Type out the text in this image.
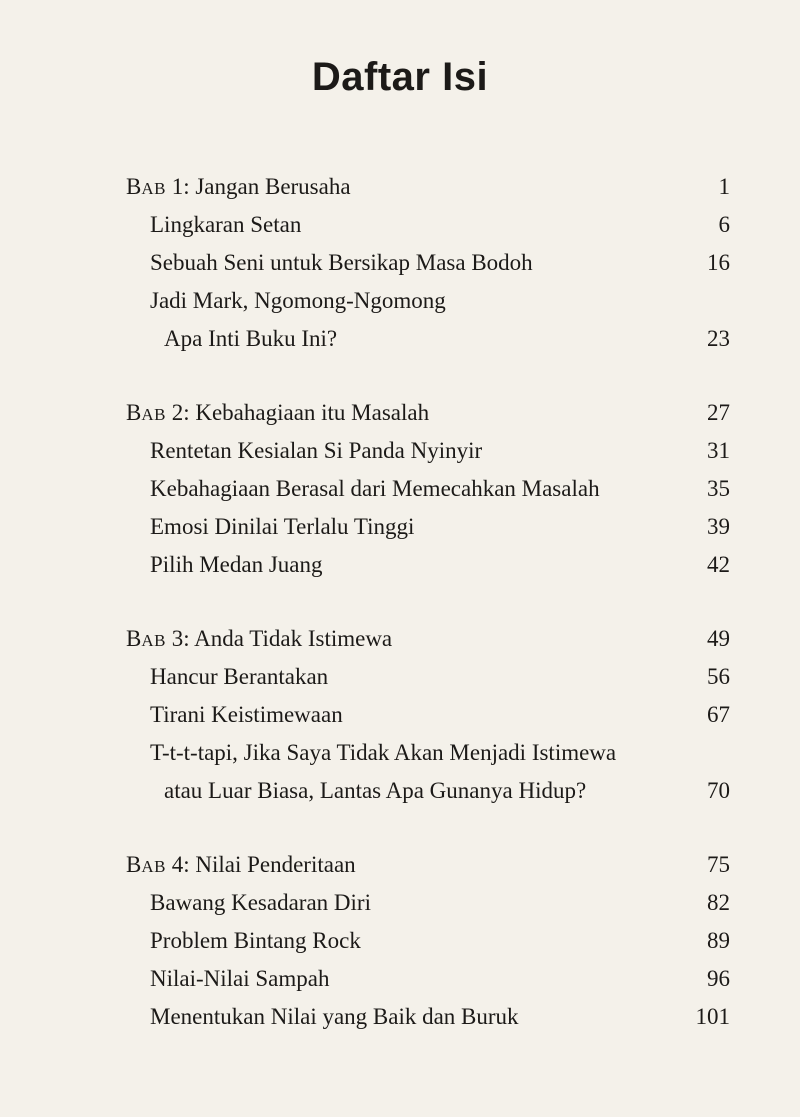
Daftar Isi
BAB 1: Jangan Berusaha	1
Lingkaran Setan	6
Sebuah Seni untuk Bersikap Masa Bodoh	16
Jadi Mark, Ngomong-Ngomong
Apa Inti Buku Ini?	23
BAB 2: Kebahagiaan itu Masalah	27
Rentetan Kesialan Si Panda Nyinyir	31
Kebahagiaan Berasal dari Memecahkan Masalah	35
Emosi Dinilai Terlalu Tinggi	39
Pilih Medan Juang	42
BAB 3: Anda Tidak Istimewa	49
Hancur Berantakan	56
Tirani Keistimewaan	67
T-t-t-tapi, Jika Saya Tidak Akan Menjadi Istimewa
atau Luar Biasa, Lantas Apa Gunanya Hidup?	70
BAB 4: Nilai Penderitaan	75
Bawang Kesadaran Diri	82
Problem Bintang Rock	89
Nilai-Nilai Sampah	96
Menentukan Nilai yang Baik dan Buruk	101
